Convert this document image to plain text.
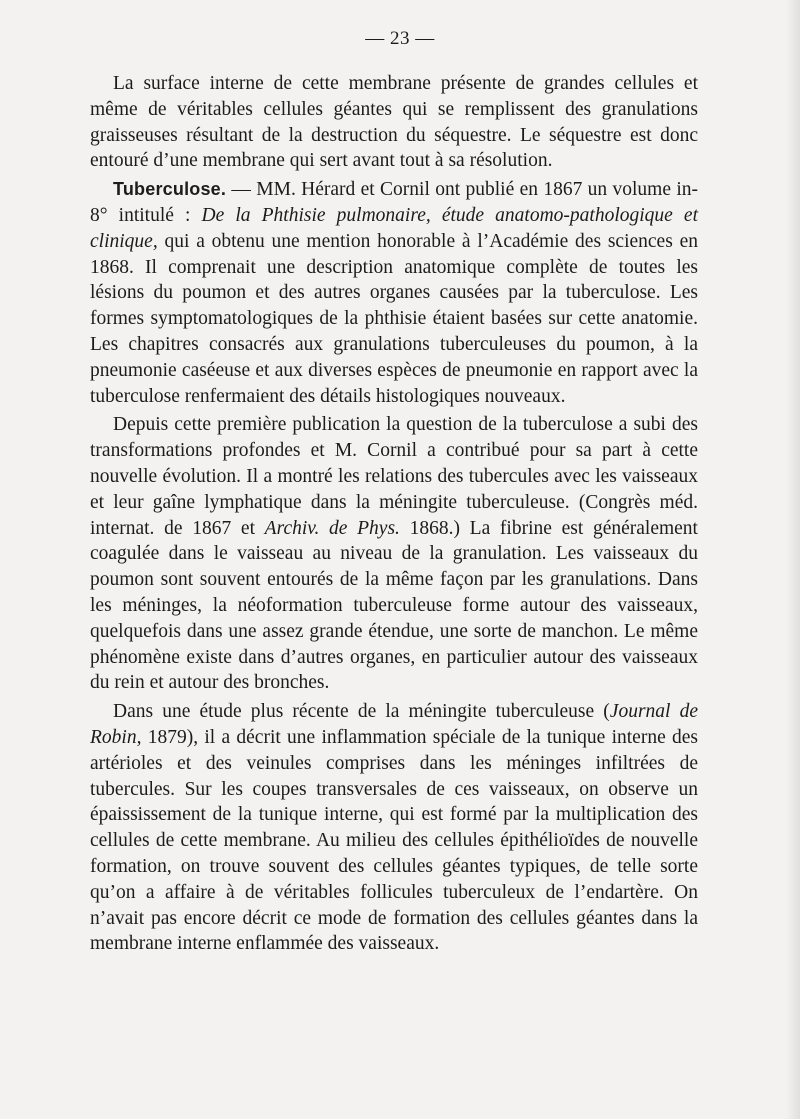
— 23 —

La surface interne de cette membrane présente de grandes cellules et même de véritables cellules géantes qui se remplissent des granulations graisseuses résultant de la destruction du séquestre. Le séquestre est donc entouré d’une membrane qui sert avant tout à sa résolution.

Tuberculose. — MM. Hérard et Cornil ont publié en 1867 un volume in-8° intitulé : De la Phthisie pulmonaire, étude anatomo-pathologique et clinique, qui a obtenu une mention honorable à l’Académie des sciences en 1868. Il comprenait une description anatomique complète de toutes les lésions du poumon et des autres organes causées par la tuberculose. Les formes symptomatologiques de la phthisie étaient basées sur cette anatomie. Les chapitres consacrés aux granulations tuberculeuses du poumon, à la pneumonie caséeuse et aux diverses espèces de pneumonie en rapport avec la tuberculose renfermaient des détails histologiques nouveaux.

Depuis cette première publication la question de la tuberculose a subi des transformations profondes et M. Cornil a contribué pour sa part à cette nouvelle évolution. Il a montré les relations des tubercules avec les vaisseaux et leur gaîne lymphatique dans la méningite tuberculeuse. (Congrès méd. internat. de 1867 et Archiv. de Phys. 1868.) La fibrine est généralement coagulée dans le vaisseau au niveau de la granulation. Les vaisseaux du poumon sont souvent entourés de la même façon par les granulations. Dans les méninges, la néoformation tuberculeuse forme autour des vaisseaux, quelquefois dans une assez grande étendue, une sorte de manchon. Le même phénomène existe dans d’autres organes, en particulier autour des vaisseaux du rein et autour des bronches.

Dans une étude plus récente de la méningite tuberculeuse (Journal de Robin, 1879), il a décrit une inflammation spéciale de la tunique interne des artérioles et des veinules comprises dans les méninges infiltrées de tubercules. Sur les coupes transversales de ces vaisseaux, on observe un épaississement de la tunique interne, qui est formé par la multiplication des cellules de cette membrane. Au milieu des cellules épithélioïdes de nouvelle formation, on trouve souvent des cellules géantes typiques, de telle sorte qu’on a affaire à de véritables follicules tuberculeux de l’endartère. On n’avait pas encore décrit ce mode de formation des cellules géantes dans la membrane interne enflammée des vaisseaux.
